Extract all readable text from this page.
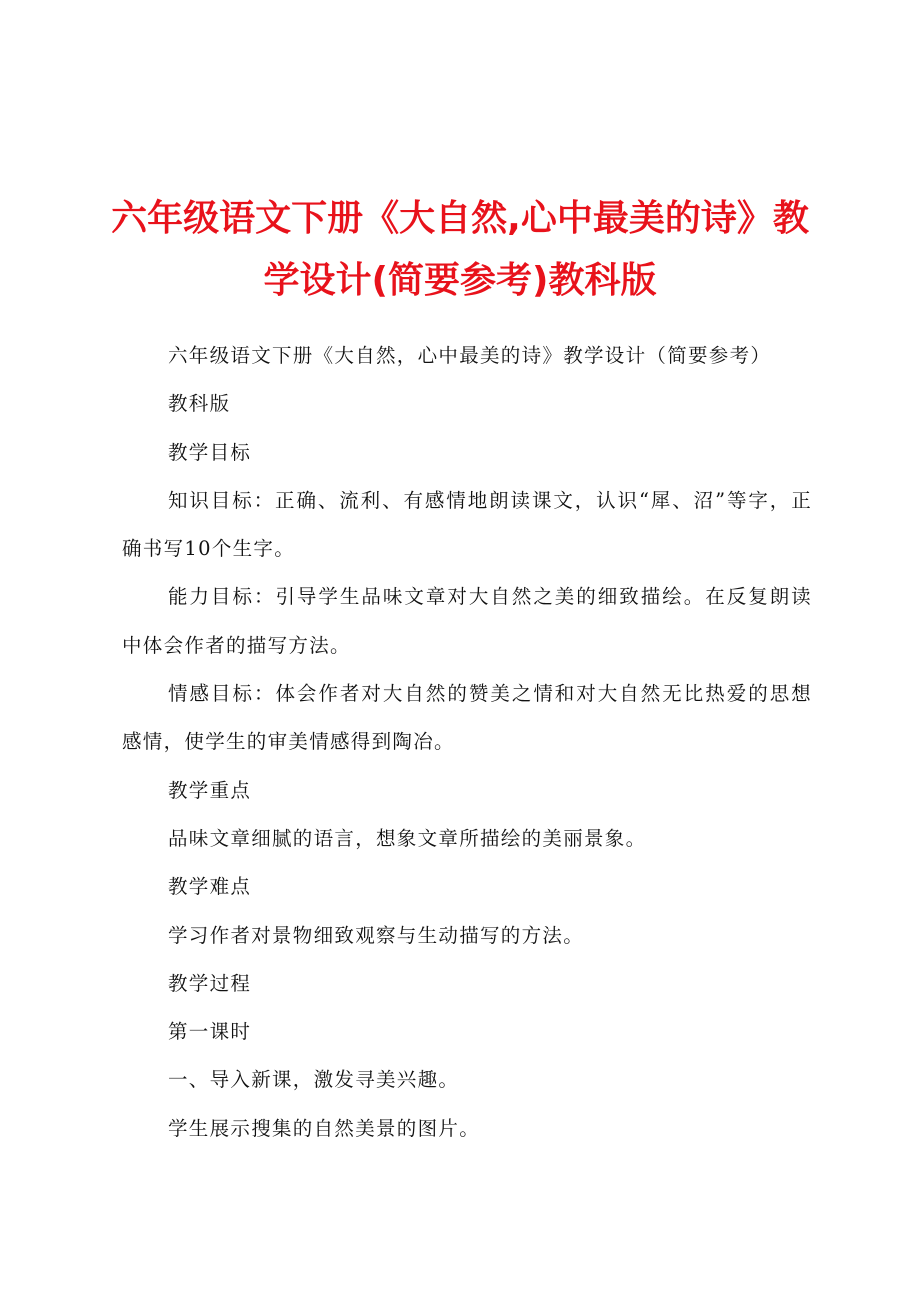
六年级语文下册《大自然,心中最美的诗》教学设计(简要参考)教科版

六年级语文下册《大自然，心中最美的诗》教学设计（简要参考）

教科版

教学目标

知识目标：正确、流利、有感情地朗读课文，认识“犀、沼”等字，正确书写10个生字。

能力目标：引导学生品味文章对大自然之美的细致描绘。在反复朗读中体会作者的描写方法。

情感目标：体会作者对大自然的赞美之情和对大自然无比热爱的思想感情，使学生的审美情感得到陶冶。

教学重点

品味文章细腻的语言，想象文章所描绘的美丽景象。

教学难点

学习作者对景物细致观察与生动描写的方法。

教学过程

第一课时

一、导入新课，激发寻美兴趣。

学生展示搜集的自然美景的图片。
